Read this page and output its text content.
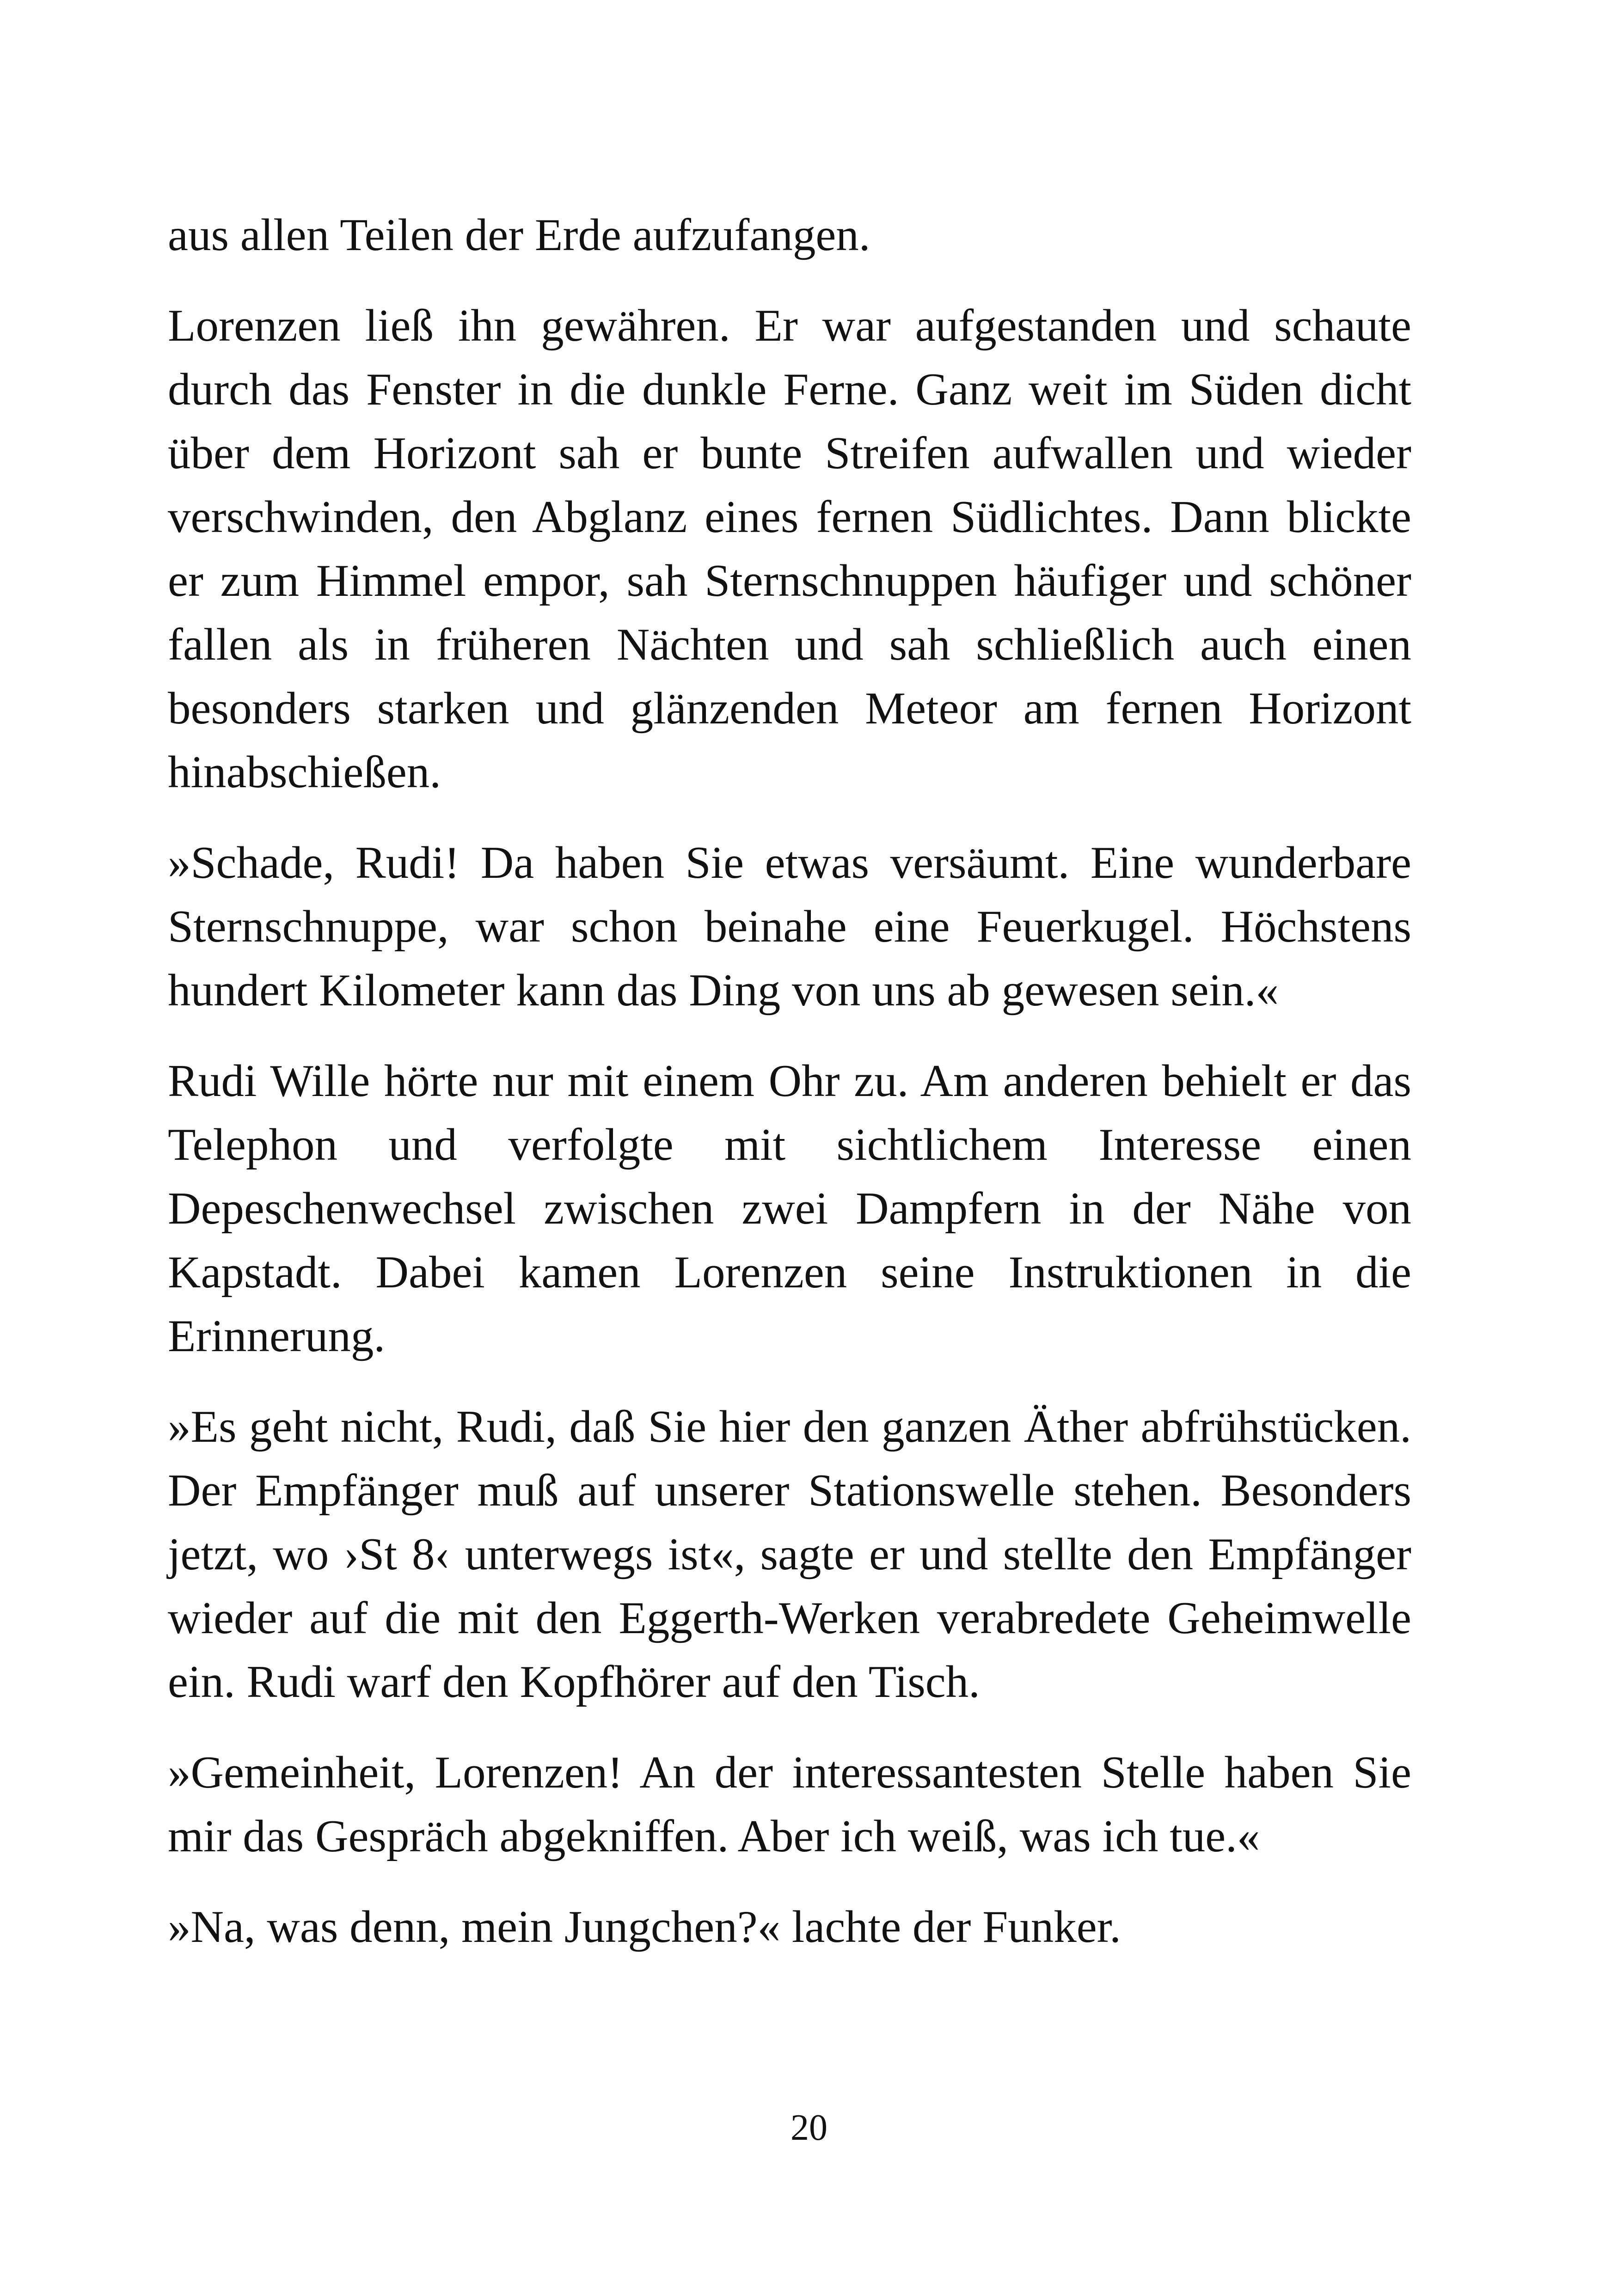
aus allen Teilen der Erde aufzufangen.

Lorenzen ließ ihn gewähren. Er war aufgestanden und schaute durch das Fenster in die dunkle Ferne. Ganz weit im Süden dicht über dem Horizont sah er bunte Streifen aufwallen und wieder verschwinden, den Abglanz eines fernen Südlichtes. Dann blickte er zum Himmel empor, sah Sternschnuppen häufiger und schöner fallen als in früheren Nächten und sah schließlich auch einen besonders starken und glänzenden Meteor am fernen Horizont hinabschießen.

»Schade, Rudi! Da haben Sie etwas versäumt. Eine wunderbare Sternschnuppe, war schon beinahe eine Feuerkugel. Höchstens hundert Kilometer kann das Ding von uns ab gewesen sein.«

Rudi Wille hörte nur mit einem Ohr zu. Am anderen behielt er das Telephon und verfolgte mit sichtlichem Interesse einen Depeschenwechsel zwischen zwei Dampfern in der Nähe von Kapstadt. Dabei kamen Lorenzen seine Instruktionen in die Erinnerung.

»Es geht nicht, Rudi, daß Sie hier den ganzen Äther abfrühstücken. Der Empfänger muß auf unserer Stationswelle stehen. Besonders jetzt, wo ›St 8‹ unterwegs ist«, sagte er und stellte den Empfänger wieder auf die mit den Eggerth-Werken verabredete Geheimwelle ein. Rudi warf den Kopfhörer auf den Tisch.

»Gemeinheit, Lorenzen! An der interessantesten Stelle haben Sie mir das Gespräch abgekniffen. Aber ich weiß, was ich tue.«

»Na, was denn, mein Jungchen?« lachte der Funker.

20
